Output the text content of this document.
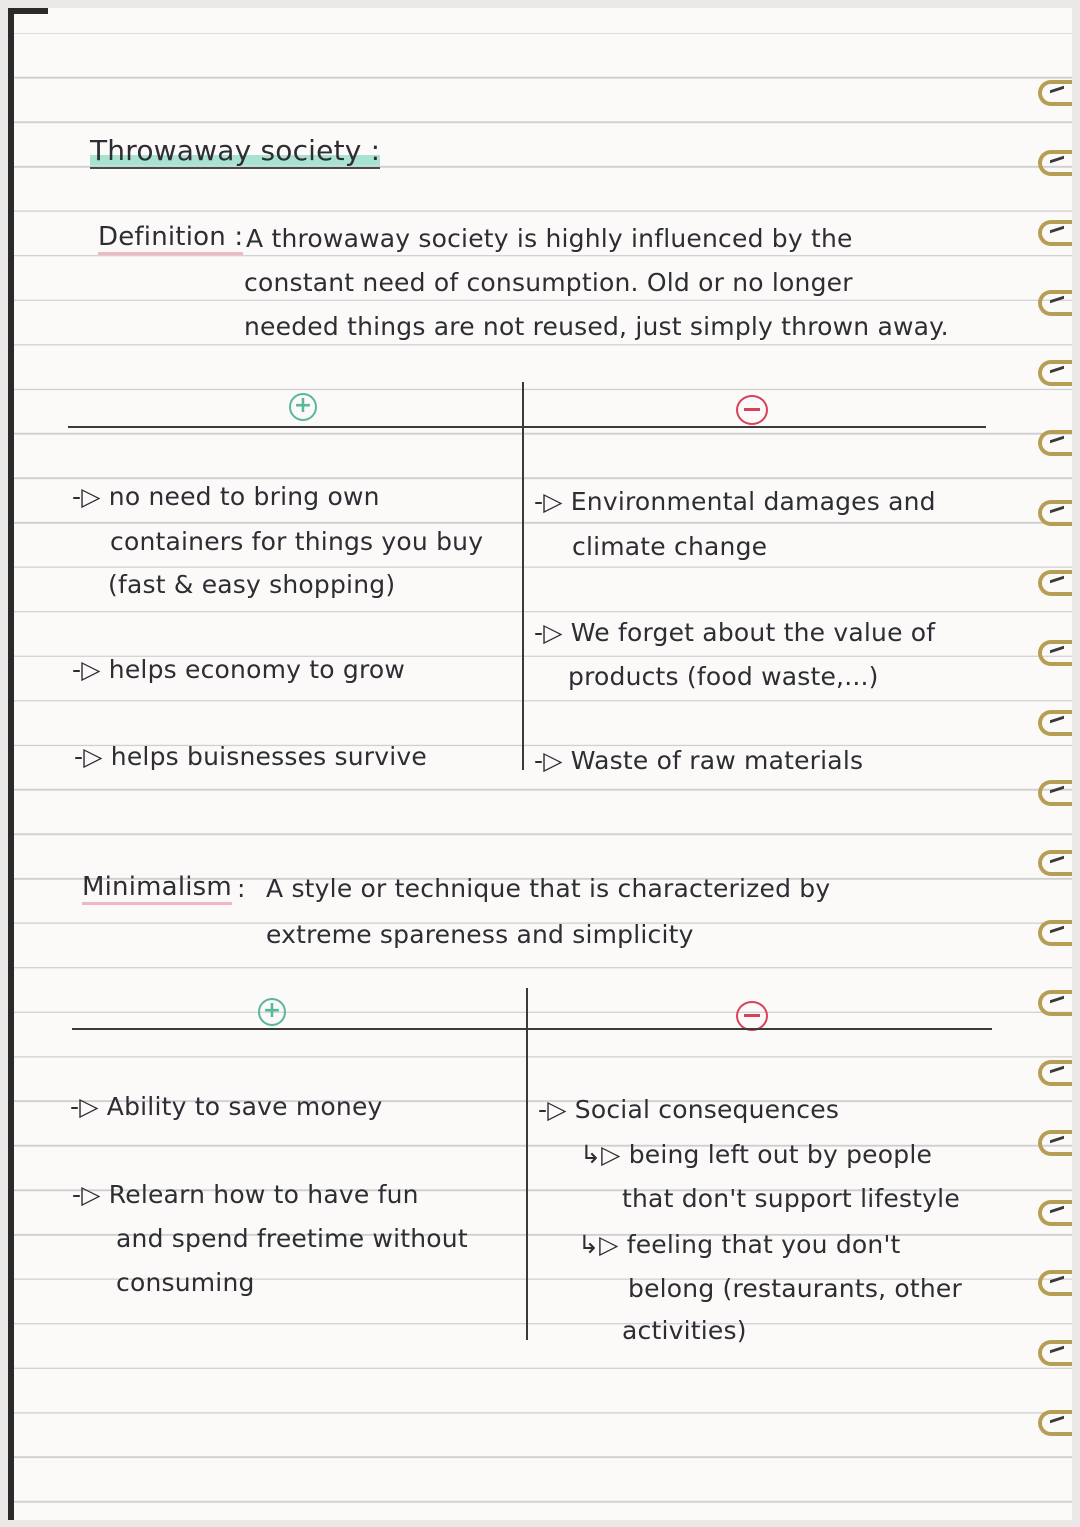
Throwaway society :
Definition : A throwaway society is highly influenced by the
constant need of consumption. Old or no longer
needed things are not reused, just simply thrown away.
+
-▷ no need to bring own
containers for things you buy
(fast & easy shopping)
-▷ helps economy to grow
-▷ helps buisnesses survive
-▷ Environmental damages and
climate change
-▷ We forget about the value of
products (food waste,...)
-▷ Waste of raw materials
Minimalism : A style or technique that is characterized by
extreme spareness and simplicity
+
-▷ Ability to save money
-▷ Relearn how to have fun
and spend freetime without
consuming
-▷ Social consequences
↳▷ being left out by people
that don't support lifestyle
↳▷ feeling that you don't
belong (restaurants, other
activities)
